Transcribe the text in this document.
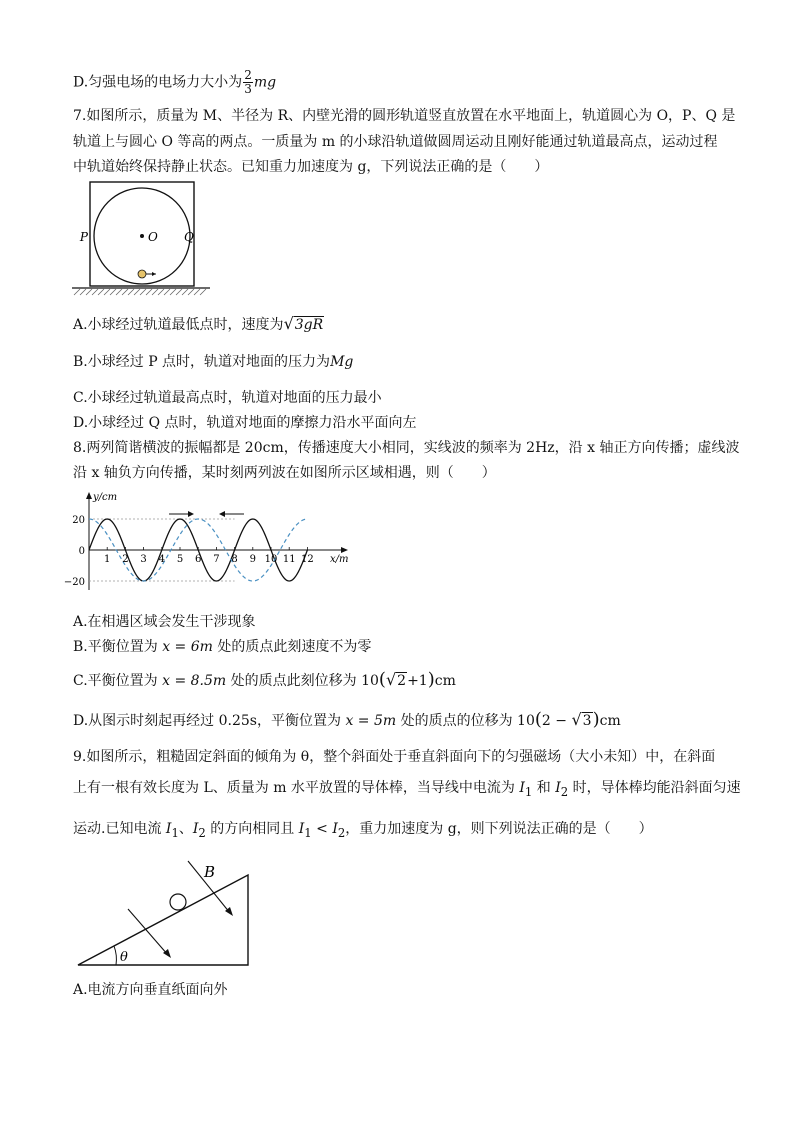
D.匀强电场的电场力大小为 $\frac{2}{3}$ mg
7.如图所示，质量为 M、半径为 R、内壁光滑的圆形轨道竖直放置在水平地面上，轨道圆心为 O，P、Q 是
轨道上与圆心 O 等高的两点。一质量为 m 的小球沿轨道做圆周运动且刚好能通过轨道最高点，运动过程
中轨道始终保持静止状态。已知重力加速度为 g，下列说法正确的是（　　）
P	O Q
A.小球经过轨道最低点时，速度为√3gR
B.小球经过 P 点时，轨道对地面的压力为Mg
C.小球经过轨道最高点时，轨道对地面的压力最小
D.小球经过 Q 点时，轨道对地面的摩擦力沿水平面向左
8.两列简谐横波的振幅都是 20cm，传播速度大小相同，实线波的频率为 2Hz，沿 x 轴正方向传播；虚线波
沿 x 轴负方向传播，某时刻两列波在如图所示区域相遇，则（　　）
1 2 3 4 5 6 7 8 9 10 11 12
20
0
−20
y/cm
x/m
A.在相遇区域会发生干涉现象
B.平衡位置为 x = 6m 处的质点此刻速度不为零
C.平衡位置为 x = 8.5m 处的质点此刻位移为 10(√2+1)cm
D.从图示时刻起再经过 0.25s，平衡位置为 x = 5m 处的质点的位移为 10(2 − √3)cm
9.如图所示，粗糙固定斜面的倾角为 θ，整个斜面处于垂直斜面向下的匀强磁场（大小未知）中，在斜面
上有一根有效长度为 L、质量为 m 水平放置的导体棒，当导线中电流为 $I_1$ 和 $I_2$ 时，导体棒均能沿斜面匀速
运动.已知电流 $I_1$、$I_2$ 的方向相同且 $I_1 < I_2$，重力加速度为 g，则下列说法正确的是（　　）
B
θ
A.电流方向垂直纸面向外
